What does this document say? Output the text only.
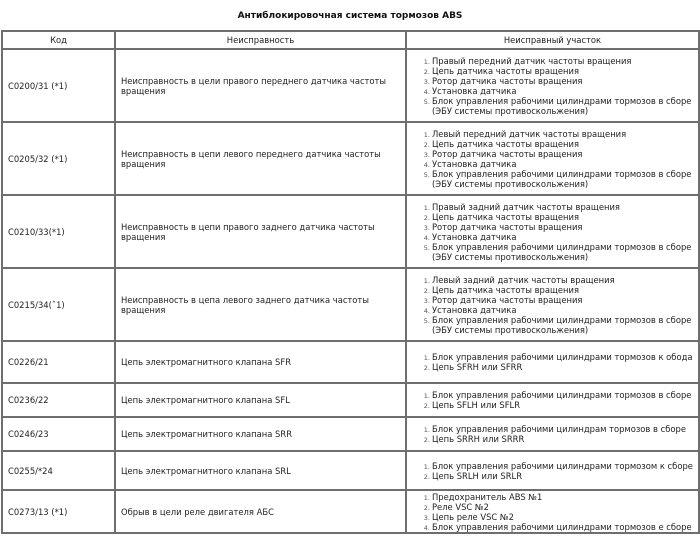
Антиблокировочная система тормозов ABS
Код	Неисправность	Неисправный участок
C0200/31 (*1)	Неисправность в цели правого переднего датчика частоты вращения	
1. Правый передний датчик частоты вращения
2. Цепь датчика частоты вращения
3. Ротор датчика частоты вращения
4. Установка датчика
5. Блок управления рабочими цилиндрами тормозов в сборе (ЭБУ системы противоскольжения)

C0205/32 (*1)	Неисправность в цепи левого переднего датчика частоты вращения	
1. Левый передний датчик частоты вращения
2. Цепь датчика частоты вращения
3. Ротор датчика частоты вращения
4. Установка датчика
5. Блок управления рабочими цилиндрами тормозов в сборе (ЭБУ системы противоскольжения)

C0210/33(*1)	Неисправность в цепи правого заднего датчика частоты вращения	
1. Правый задний датчик частоты вращения
2. Цепь датчика частоты вращения
3. Ротор датчика частоты вращения
4. Установка датчика
5. Блок управления рабочими цилиндрами тормозов в сборе (ЭБУ системы противоскольжения)

C0215/34(ˆ1)	Неисправность в цепа левого заднего датчика частоты вращения	
1. Левый задний датчик частоты вращения
2. Цепь датчика частоты вращения
3. Ротор датчика частоты вращения
4. Установка датчика
5. Блок управления рабочими цилиндрами тормозов в сборе (ЭБУ системы противоскольжения)

C0226/21	Цепь электромагнитного клапана SFR	
1.Блок управления рабочими цилиндрами тормозов к обода
2. Цепь SFRH или SFRR

C0236/22	Цепь электромагнитного клапана SFL	
1.Блок управления рабочими цилиндрами тормозов в сборе
2. Цепь SFLH или SFLR

C0246/23	Цепь электромагнитного клапана SRR	
1.Блок управления рабочими цилиндрам тормозов в сборе
2. Цепь SRRH или SRRR

C0255/*24	Цепь электромагнитного клапана SRL	
1.Блок управления рабочими цилиндрами тормозом к сборе
2. Цепь SRLH или SRLR

C0273/13 (*1)	Обрыв в цели реле двигателя АБС	
1. Предохранитель ABS №1
2. Реле VSC №2
3. Цепь реле VSC №2
4. Блок управления рабочими цилиндрами тормозов е сборе
